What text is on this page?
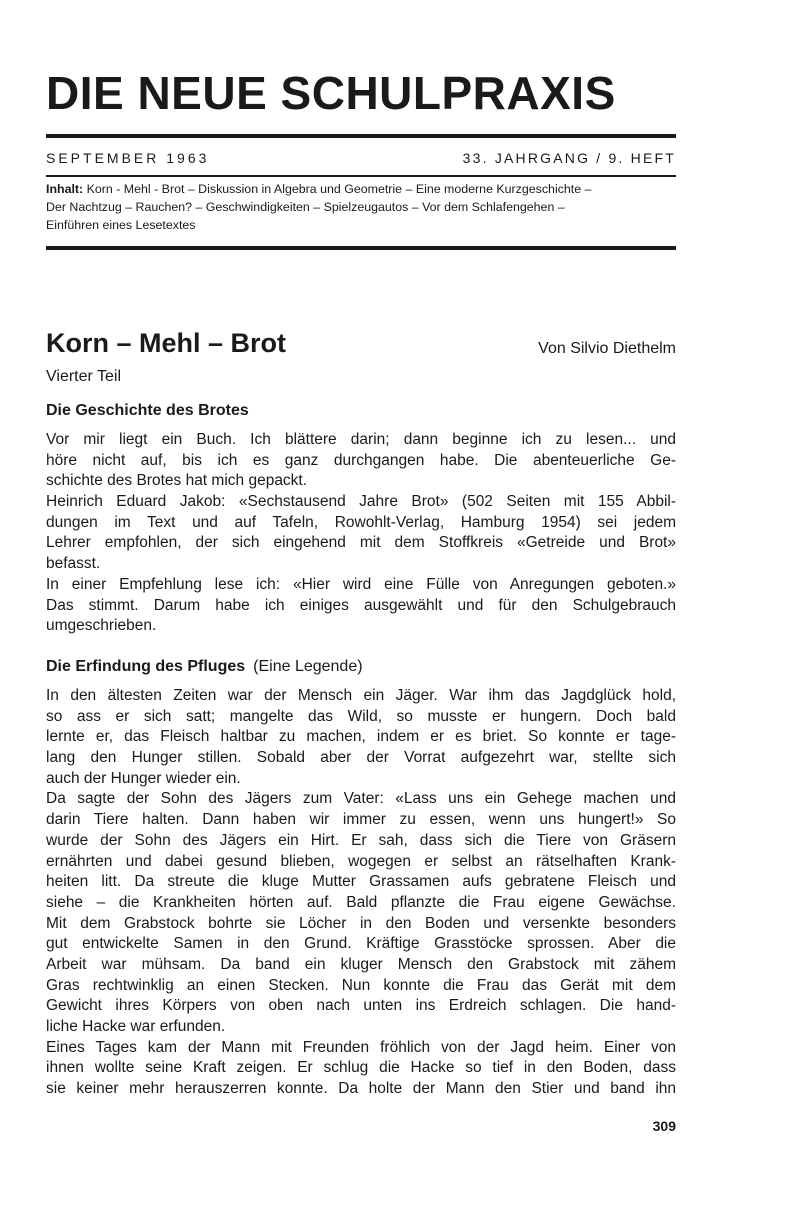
DIE NEUE SCHULPRAXIS
SEPTEMBER 1963	33. JAHRGANG / 9. HEFT
Inhalt: Korn - Mehl - Brot – Diskussion in Algebra und Geometrie – Eine moderne Kurzgeschichte –
Der Nachtzug – Rauchen? – Geschwindigkeiten – Spielzeugautos – Vor dem Schlafengehen –
Einführen eines Lesetextes
Korn – Mehl – Brot	Von Silvio Diethelm
Vierter Teil
Die Geschichte des Brotes
Vor mir liegt ein Buch. Ich blättere darin; dann beginne ich zu lesen... und
höre nicht auf, bis ich es ganz durchgangen habe. Die abenteuerliche Ge-
schichte des Brotes hat mich gepackt.
Heinrich Eduard Jakob: «Sechstausend Jahre Brot» (502 Seiten mit 155 Abbil-
dungen im Text und auf Tafeln, Rowohlt-Verlag, Hamburg 1954) sei jedem
Lehrer empfohlen, der sich eingehend mit dem Stoffkreis «Getreide und Brot»
befasst.
In einer Empfehlung lese ich: «Hier wird eine Fülle von Anregungen geboten.»
Das stimmt. Darum habe ich einiges ausgewählt und für den Schulgebrauch
umgeschrieben.
Die Erfindung des Pfluges (Eine Legende)
In den ältesten Zeiten war der Mensch ein Jäger. War ihm das Jagdglück hold,
so ass er sich satt; mangelte das Wild, so musste er hungern. Doch bald
lernte er, das Fleisch haltbar zu machen, indem er es briet. So konnte er tage-
lang den Hunger stillen. Sobald aber der Vorrat aufgezehrt war, stellte sich
auch der Hunger wieder ein.
Da sagte der Sohn des Jägers zum Vater: «Lass uns ein Gehege machen und
darin Tiere halten. Dann haben wir immer zu essen, wenn uns hungert!» So
wurde der Sohn des Jägers ein Hirt. Er sah, dass sich die Tiere von Gräsern
ernährten und dabei gesund blieben, wogegen er selbst an rätselhaften Krank-
heiten litt. Da streute die kluge Mutter Grassamen aufs gebratene Fleisch und
siehe – die Krankheiten hörten auf. Bald pflanzte die Frau eigene Gewächse.
Mit dem Grabstock bohrte sie Löcher in den Boden und versenkte besonders
gut entwickelte Samen in den Grund. Kräftige Grasstöcke sprossen. Aber die
Arbeit war mühsam. Da band ein kluger Mensch den Grabstock mit zähem
Gras rechtwinklig an einen Stecken. Nun konnte die Frau das Gerät mit dem
Gewicht ihres Körpers von oben nach unten ins Erdreich schlagen. Die hand-
liche Hacke war erfunden.
Eines Tages kam der Mann mit Freunden fröhlich von der Jagd heim. Einer von
ihnen wollte seine Kraft zeigen. Er schlug die Hacke so tief in den Boden, dass
sie keiner mehr herauszerren konnte. Da holte der Mann den Stier und band ihn
309
